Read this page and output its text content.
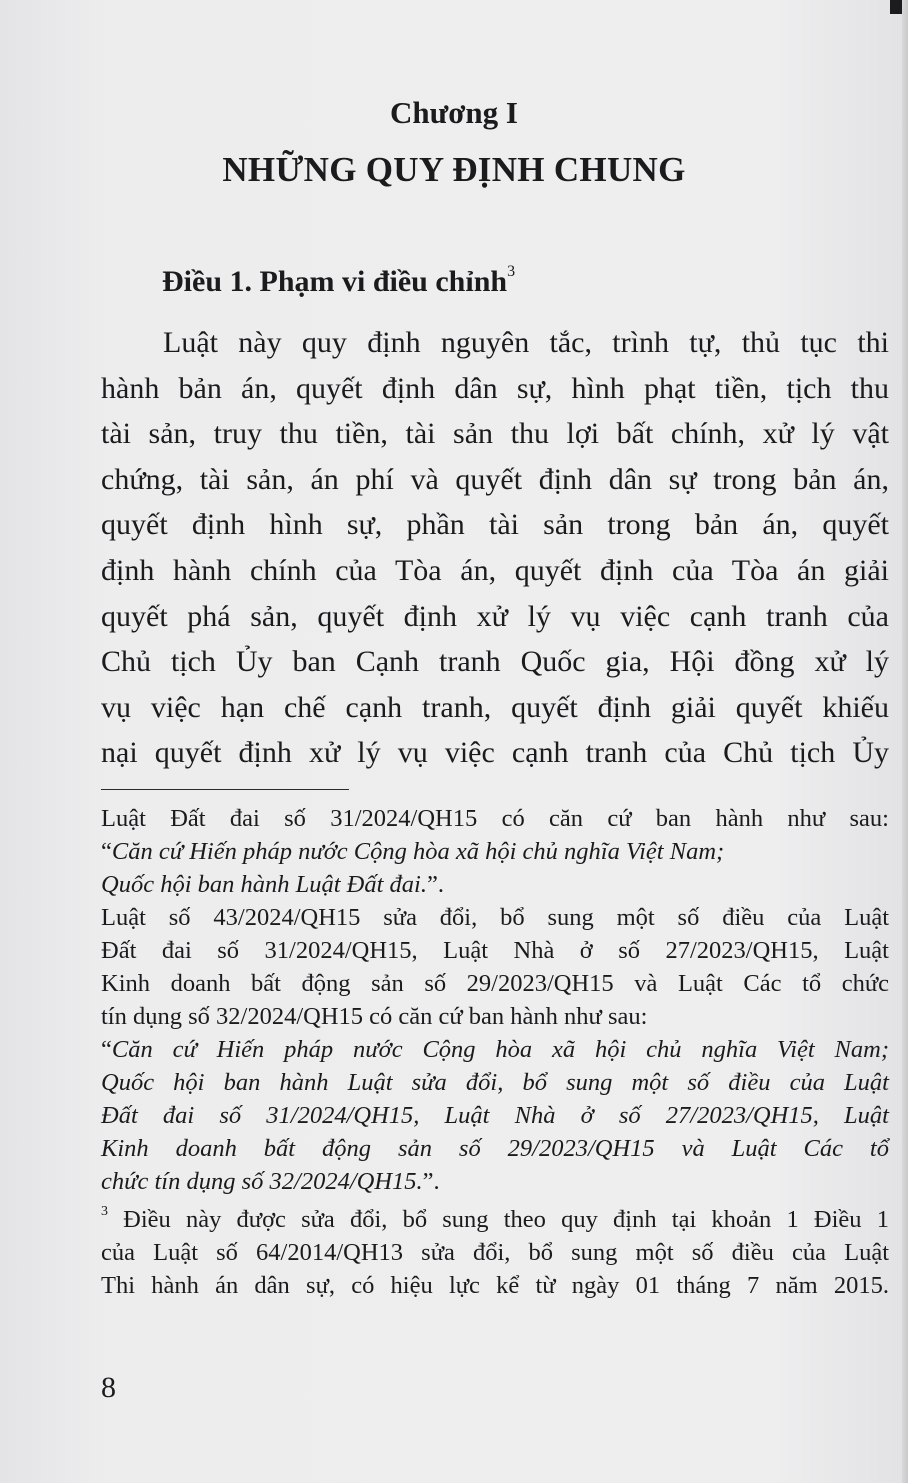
Chương I
NHỮNG QUY ĐỊNH CHUNG
Điều 1. Phạm vi điều chỉnh$^3$
Luật này quy định nguyên tắc, trình tự, thủ tục thi
hành bản án, quyết định dân sự, hình phạt tiền, tịch thu
tài sản, truy thu tiền, tài sản thu lợi bất chính, xử lý vật
chứng, tài sản, án phí và quyết định dân sự trong bản án,
quyết định hình sự, phần tài sản trong bản án, quyết
định hành chính của Tòa án, quyết định của Tòa án giải
quyết phá sản, quyết định xử lý vụ việc cạnh tranh của
Chủ tịch Ủy ban Cạnh tranh Quốc gia, Hội đồng xử lý
vụ việc hạn chế cạnh tranh, quyết định giải quyết khiếu
nại quyết định xử lý vụ việc cạnh tranh của Chủ tịch Ủy
Luật Đất đai số 31/2024/QH15 có căn cứ ban hành như sau:
“Căn cứ Hiến pháp nước Cộng hòa xã hội chủ nghĩa Việt Nam;
Quốc hội ban hành Luật Đất đai.”.
Luật số 43/2024/QH15 sửa đổi, bổ sung một số điều của Luật
Đất đai số 31/2024/QH15, Luật Nhà ở số 27/2023/QH15, Luật
Kinh doanh bất động sản số 29/2023/QH15 và Luật Các tổ chức
tín dụng số 32/2024/QH15 có căn cứ ban hành như sau:
“Căn cứ Hiến pháp nước Cộng hòa xã hội chủ nghĩa Việt Nam;
Quốc hội ban hành Luật sửa đổi, bổ sung một số điều của Luật
Đất đai số 31/2024/QH15, Luật Nhà ở số 27/2023/QH15, Luật
Kinh doanh bất động sản số 29/2023/QH15 và Luật Các tổ
chức tín dụng số 32/2024/QH15.”.
$^3$ Điều này được sửa đổi, bổ sung theo quy định tại khoản 1 Điều 1
của Luật số 64/2014/QH13 sửa đổi, bổ sung một số điều của Luật
Thi hành án dân sự, có hiệu lực kể từ ngày 01 tháng 7 năm 2015.
8
